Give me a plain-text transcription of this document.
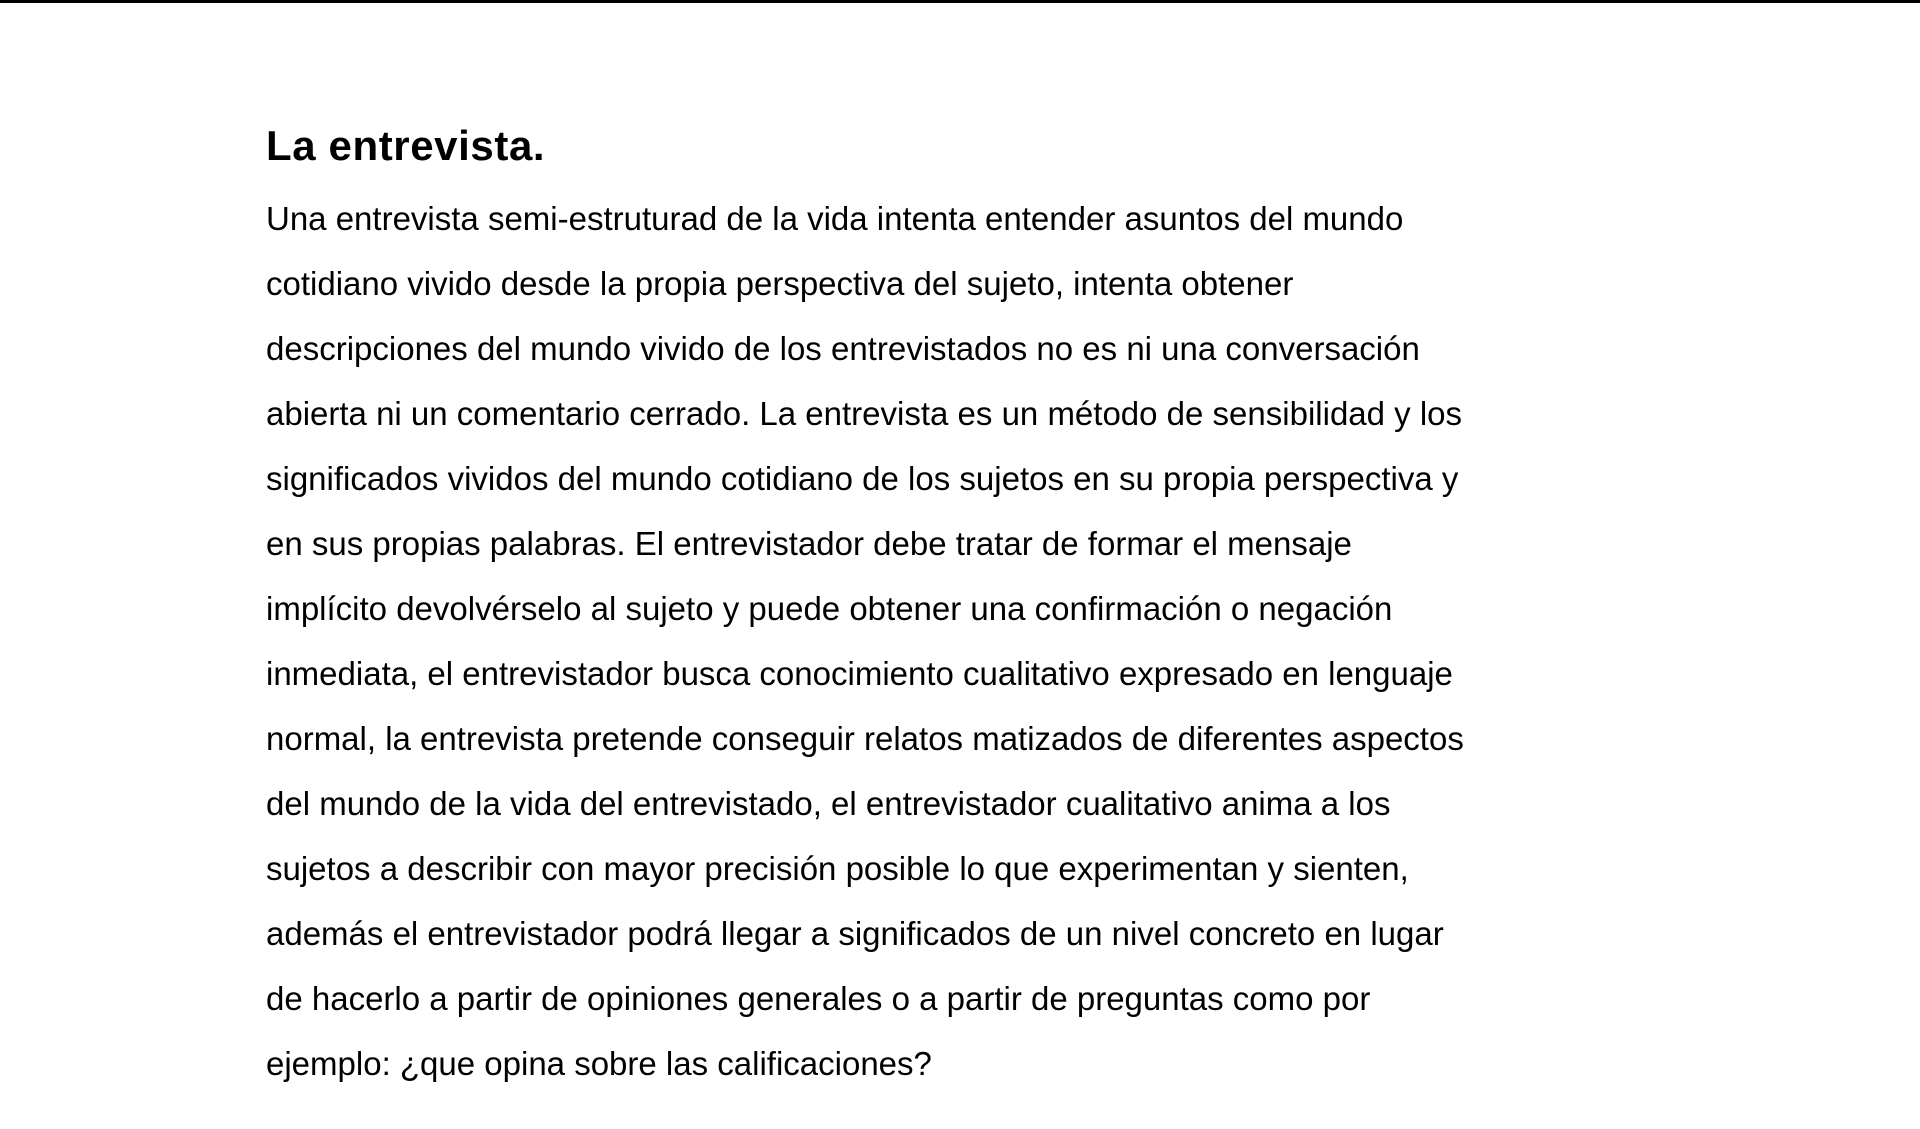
La entrevista.

Una entrevista semi-estruturad de la vida intenta entender asuntos del mundo
cotidiano vivido desde la propia perspectiva del sujeto, intenta obtener
descripciones del mundo vivido de los entrevistados no es ni una conversación
abierta ni un comentario cerrado. La entrevista es un método de sensibilidad y los
significados vividos del mundo cotidiano de los sujetos en su propia perspectiva y
en sus propias palabras. El entrevistador debe tratar de formar el mensaje
implícito devolvérselo al sujeto y puede obtener una confirmación o negación
inmediata, el entrevistador busca conocimiento cualitativo expresado en lenguaje
normal, la entrevista pretende conseguir relatos matizados de diferentes aspectos
del mundo de la vida del entrevistado, el entrevistador cualitativo anima a los
sujetos a describir con mayor precisión posible lo que experimentan y sienten,
además el entrevistador podrá llegar a significados de un nivel concreto en lugar
de hacerlo a partir de opiniones generales o a partir de preguntas como por
ejemplo: ¿que opina sobre las calificaciones?
